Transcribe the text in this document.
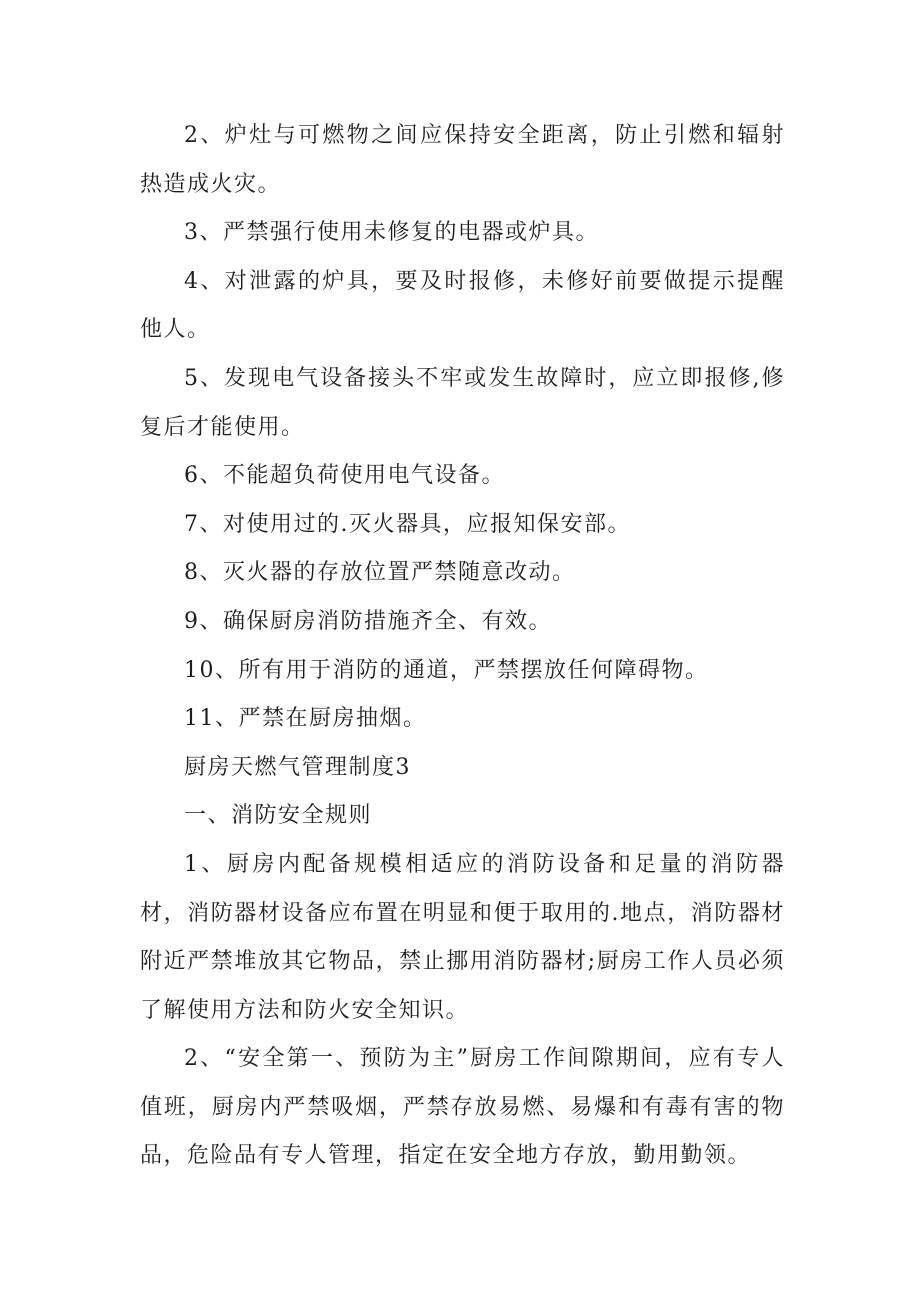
2、炉灶与可燃物之间应保持安全距离，防止引燃和辐射热造成火灾。

3、严禁强行使用未修复的电器或炉具。

4、对泄露的炉具，要及时报修，未修好前要做提示提醒他人。

5、发现电气设备接头不牢或发生故障时，应立即报修,修复后才能使用。

6、不能超负荷使用电气设备。

7、对使用过的.灭火器具，应报知保安部。

8、灭火器的存放位置严禁随意改动。

9、确保厨房消防措施齐全、有效。

10、所有用于消防的通道，严禁摆放任何障碍物。

11、严禁在厨房抽烟。

厨房天燃气管理制度3

一、消防安全规则

1、厨房内配备规模相适应的消防设备和足量的消防器材，消防器材设备应布置在明显和便于取用的.地点，消防器材附近严禁堆放其它物品，禁止挪用消防器材;厨房工作人员必须了解使用方法和防火安全知识。

2、“安全第一、预防为主”厨房工作间隙期间，应有专人值班，厨房内严禁吸烟，严禁存放易燃、易爆和有毒有害的物品，危险品有专人管理，指定在安全地方存放，勤用勤领。
